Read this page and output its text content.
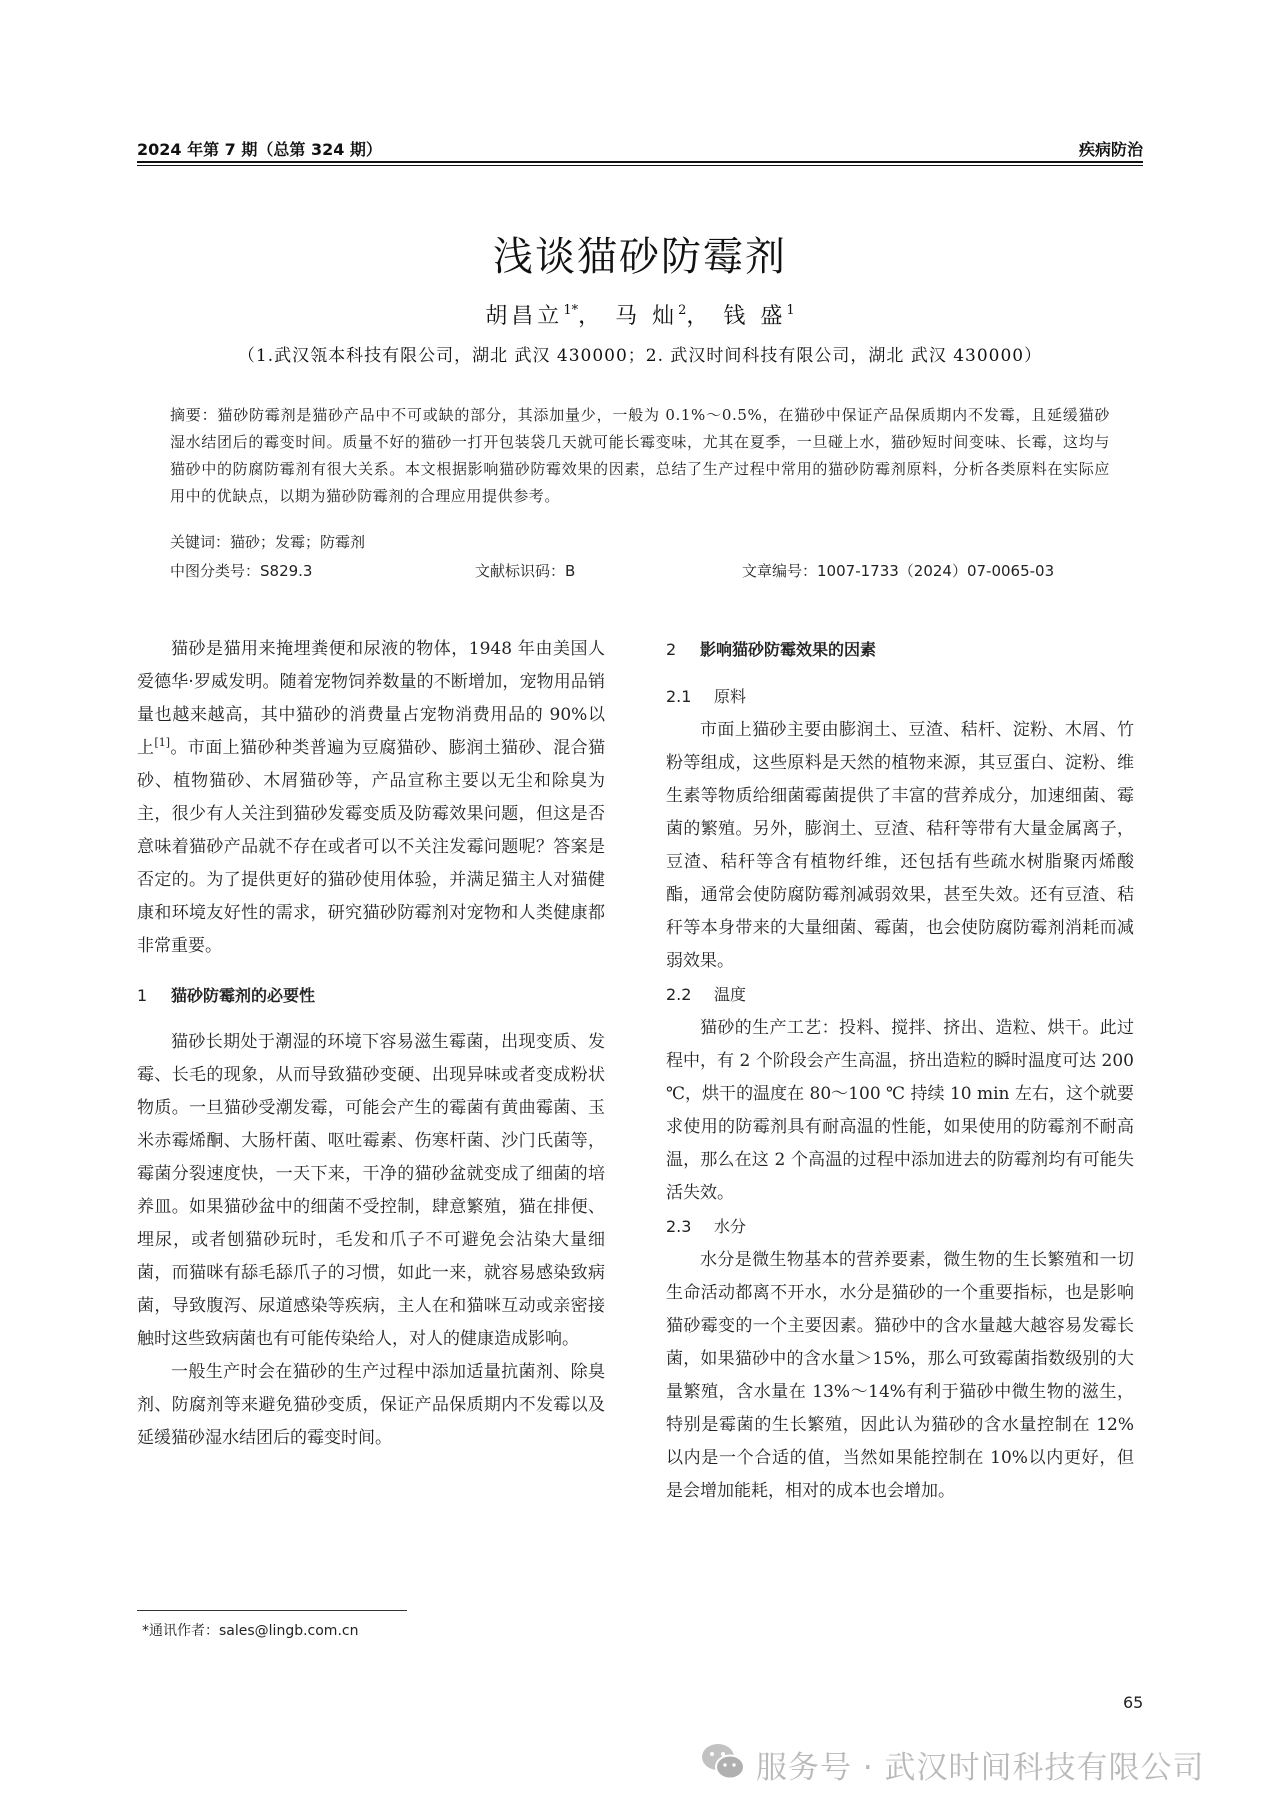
2024 年第 7 期（总第 324 期）	疾病防治
浅谈猫砂防霉剂
胡昌立$^{1*}$， 马 灿$^2$， 钱 盛$^1$
（1.武汉瓴本科技有限公司，湖北 武汉 430000；2. 武汉时间科技有限公司，湖北 武汉 430000）
摘要：猫砂防霉剂是猫砂产品中不可或缺的部分，其添加量少，一般为 0.1%～0.5%，在猫砂中保证产品保质期内不发霉，且延缓猫砂湿水结团后的霉变时间。质量不好的猫砂一打开包装袋几天就可能长霉变味，尤其在夏季，一旦碰上水，猫砂短时间变味、长霉，这均与猫砂中的防腐防霉剂有很大关系。本文根据影响猫砂防霉效果的因素，总结了生产过程中常用的猫砂防霉剂原料，分析各类原料在实际应用中的优缺点，以期为猫砂防霉剂的合理应用提供参考。
关键词：猫砂；发霉；防霉剂
中图分类号：S829.3	文献标识码：B	文章编号：1007-1733（2024）07-0065-03

猫砂是猫用来掩埋粪便和尿液的物体，1948 年由美国人爱德华·罗威发明。随着宠物饲养数量的不断增加，宠物用品销量也越来越高，其中猫砂的消费量占宠物消费用品的 90%以上[1]。市面上猫砂种类普遍为豆腐猫砂、膨润土猫砂、混合猫砂、植物猫砂、木屑猫砂等，产品宣称主要以无尘和除臭为主，很少有人关注到猫砂发霉变质及防霉效果问题，但这是否意味着猫砂产品就不存在或者可以不关注发霉问题呢？答案是否定的。为了提供更好的猫砂使用体验，并满足猫主人对猫健康和环境友好性的需求，研究猫砂防霉剂对宠物和人类健康都非常重要。

1 猫砂防霉剂的必要性

猫砂长期处于潮湿的环境下容易滋生霉菌，出现变质、发霉、长毛的现象，从而导致猫砂变硬、出现异味或者变成粉状物质。一旦猫砂受潮发霉，可能会产生的霉菌有黄曲霉菌、玉米赤霉烯酮、大肠杆菌、呕吐霉素、伤寒杆菌、沙门氏菌等，霉菌分裂速度快，一天下来，干净的猫砂盆就变成了细菌的培养皿。如果猫砂盆中的细菌不受控制，肆意繁殖，猫在排便、埋尿，或者刨猫砂玩时，毛发和爪子不可避免会沾染大量细菌，而猫咪有舔毛舔爪子的习惯，如此一来，就容易感染致病菌，导致腹泻、尿道感染等疾病，主人在和猫咪互动或亲密接触时这些致病菌也有可能传染给人，对人的健康造成影响。

一般生产时会在猫砂的生产过程中添加适量抗菌剂、除臭剂、防腐剂等来避免猫砂变质，保证产品保质期内不发霉以及延缓猫砂湿水结团后的霉变时间。

2 影响猫砂防霉效果的因素
2.1 原料

市面上猫砂主要由膨润土、豆渣、秸杆、淀粉、木屑、竹粉等组成，这些原料是天然的植物来源，其豆蛋白、淀粉、维生素等物质给细菌霉菌提供了丰富的营养成分，加速细菌、霉菌的繁殖。另外，膨润土、豆渣、秸秆等带有大量金属离子，豆渣、秸秆等含有植物纤维，还包括有些疏水树脂聚丙烯酸酯，通常会使防腐防霉剂减弱效果，甚至失效。还有豆渣、秸秆等本身带来的大量细菌、霉菌，也会使防腐防霉剂消耗而减弱效果。

2.2 温度

猫砂的生产工艺：投料、搅拌、挤出、造粒、烘干。此过程中，有 2 个阶段会产生高温，挤出造粒的瞬时温度可达 200 ℃，烘干的温度在 80～100 ℃ 持续 10 min 左右，这个就要求使用的防霉剂具有耐高温的性能，如果使用的防霉剂不耐高温，那么在这 2 个高温的过程中添加进去的防霉剂均有可能失活失效。

2.3 水分

水分是微生物基本的营养要素，微生物的生长繁殖和一切生命活动都离不开水，水分是猫砂的一个重要指标，也是影响猫砂霉变的一个主要因素。猫砂中的含水量越大越容易发霉长菌，如果猫砂中的含水量＞15%，那么可致霉菌指数级别的大量繁殖，含水量在 13%～14%有利于猫砂中微生物的滋生，特别是霉菌的生长繁殖，因此认为猫砂的含水量控制在 12%以内是一个合适的值，当然如果能控制在 10%以内更好，但是会增加能耗，相对的成本也会增加。

*通讯作者：sales@lingb.com.cn
65
服务号 · 武汉时间科技有限公司
